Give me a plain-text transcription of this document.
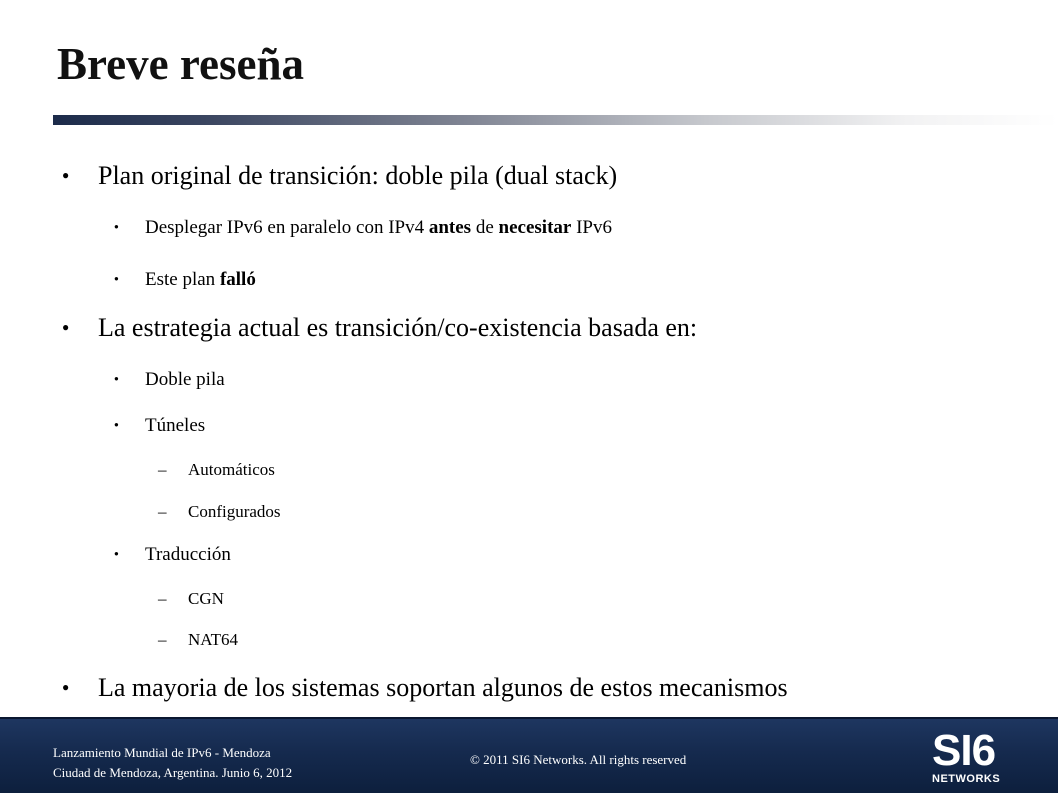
Breve reseña
● Plan original de transición: doble pila (dual stack)
● Desplegar IPv6 en paralelo con IPv4 antes de necesitar IPv6
● Este plan falló
● La estrategia actual es transición/co-existencia basada en:
● Doble pila
● Túneles
– Automáticos
– Configurados
● Traducción
– CGN
– NAT64
● La mayoria de los sistemas soportan algunos de estos mecanismos
Lanzamiento Mundial de IPv6 - Mendoza
Ciudad de Mendoza, Argentina. Junio 6, 2012
© 2011 SI6 Networks. All rights reserved	SI6
NETWORKS
